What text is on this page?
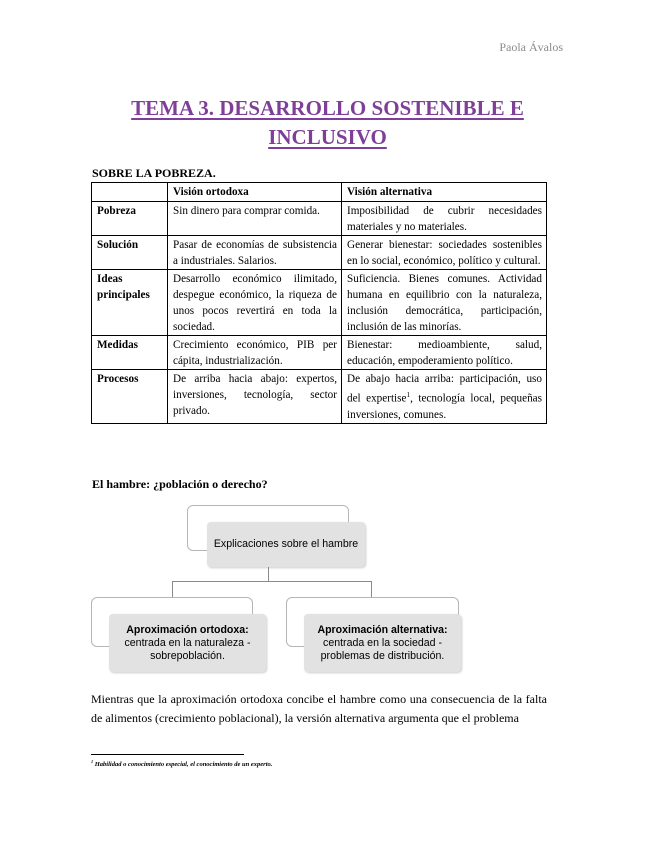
Paola Ávalos
TEMA 3. DESARROLLO SOSTENIBLE E
INCLUSIVO
SOBRE LA POBREZA.
	Visión ortodoxa	Visión alternativa
Pobreza	Sin dinero para comprar comida.	Imposibilidad de cubrir necesidades materiales y no materiales.
Solución	Pasar de economías de subsistencia a industriales. Salarios.	Generar bienestar: sociedades sostenibles en lo social, económico, político y cultural.
Ideas principales	Desarrollo económico ilimitado, despegue económico, la riqueza de unos pocos revertirá en toda la sociedad.	Suficiencia. Bienes comunes. Actividad humana en equilibrio con la naturaleza, inclusión democrática, participación, inclusión de las minorías.
Medidas	Crecimiento económico, PIB per cápita, industrialización.	Bienestar: medioambiente, salud, educación, empoderamiento político.
Procesos	De arriba hacia abajo: expertos, inversiones, tecnología, sector privado.	De abajo hacia arriba: participación, uso del expertise$^1$, tecnología local, pequeñas inversiones, comunes.
El hambre: ¿población o derecho?
Explicaciones sobre el hambre
Aproximación ortodoxa:
centrada en la naturaleza - sobrepoblación.
Aproximación alternativa:
centrada en la sociedad - problemas de distribución.
Mientras que la aproximación ortodoxa concibe el hambre como una consecuencia de la falta de alimentos (crecimiento poblacional), la versión alternativa argumenta que el problema
$^1$ Habilidad o conocimiento especial, el conocimiento de un experto.
